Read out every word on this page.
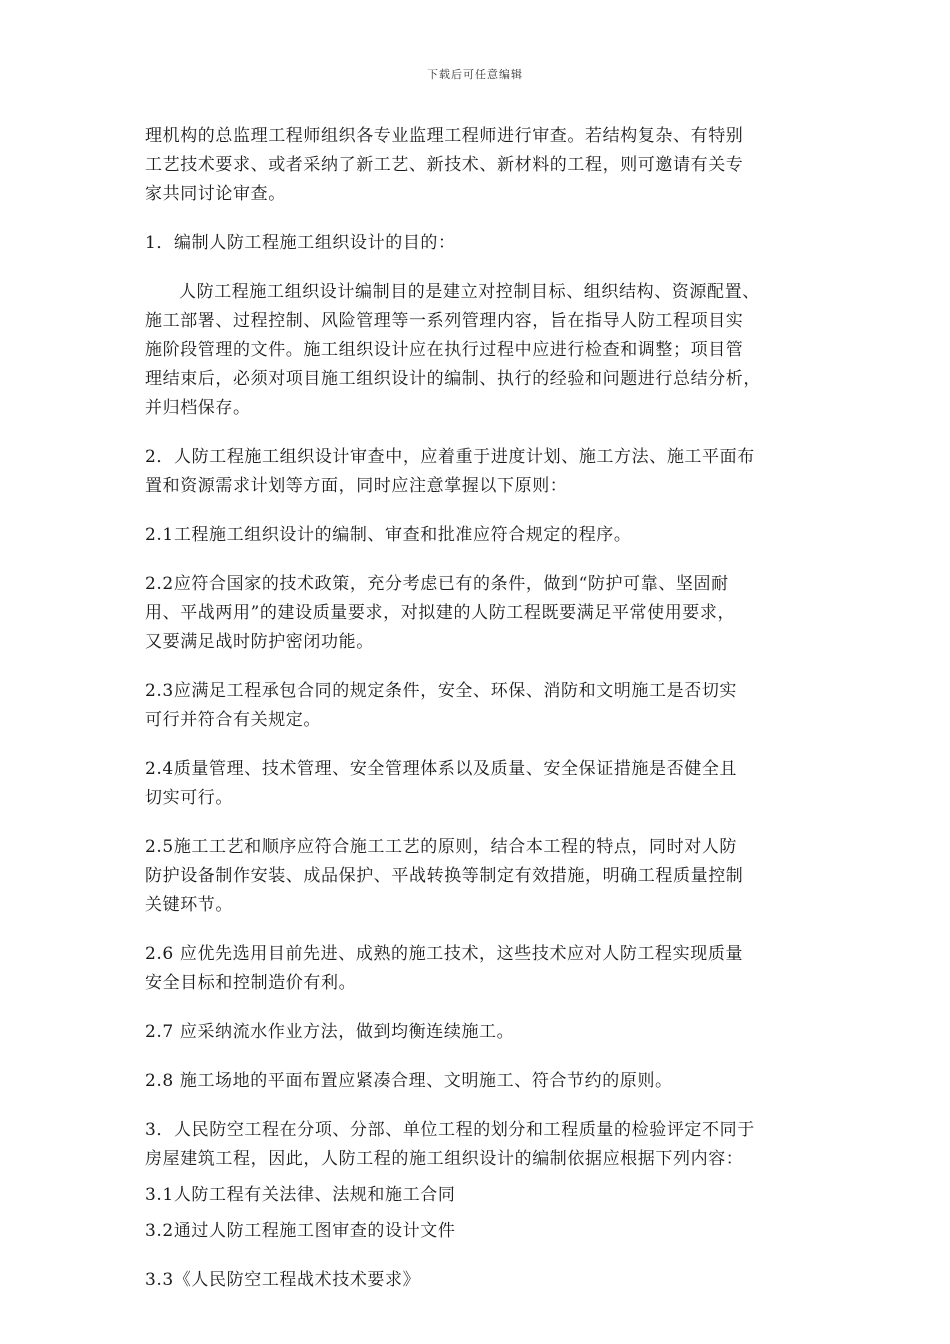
下载后可任意编辑

理机构的总监理工程师组织各专业监理工程师进行审查。若结构复杂、有特别
工艺技术要求、或者采纳了新工艺、新技术、新材料的工程，则可邀请有关专
家共同讨论审查。

1．编制人防工程施工组织设计的目的：

人防工程施工组织设计编制目的是建立对控制目标、组织结构、资源配置、
施工部署、过程控制、风险管理等一系列管理内容，旨在指导人防工程项目实
施阶段管理的文件。施工组织设计应在执行过程中应进行检查和调整；项目管
理结束后，必须对项目施工组织设计的编制、执行的经验和问题进行总结分析，
并归档保存。

2．人防工程施工组织设计审查中，应着重于进度计划、施工方法、施工平面布
置和资源需求计划等方面，同时应注意掌握以下原则：

2.1工程施工组织设计的编制、审查和批准应符合规定的程序。

2.2应符合国家的技术政策，充分考虑已有的条件，做到“防护可靠、坚固耐
用、平战两用”的建设质量要求，对拟建的人防工程既要满足平常使用要求，
又要满足战时防护密闭功能。

2.3应满足工程承包合同的规定条件，安全、环保、消防和文明施工是否切实
可行并符合有关规定。

2.4质量管理、技术管理、安全管理体系以及质量、安全保证措施是否健全且
切实可行。

2.5施工工艺和顺序应符合施工工艺的原则，结合本工程的特点，同时对人防
防护设备制作安装、成品保护、平战转换等制定有效措施，明确工程质量控制
关键环节。

2.6 应优先选用目前先进、成熟的施工技术，这些技术应对人防工程实现质量
安全目标和控制造价有利。

2.7 应采纳流水作业方法，做到均衡连续施工。

2.8 施工场地的平面布置应紧凑合理、文明施工、符合节约的原则。

3．人民防空工程在分项、分部、单位工程的划分和工程质量的检验评定不同于
房屋建筑工程，因此，人防工程的施工组织设计的编制依据应根据下列内容：

3.1人防工程有关法律、法规和施工合同

3.2通过人防工程施工图审查的设计文件

3.3《人民防空工程战术技术要求》
